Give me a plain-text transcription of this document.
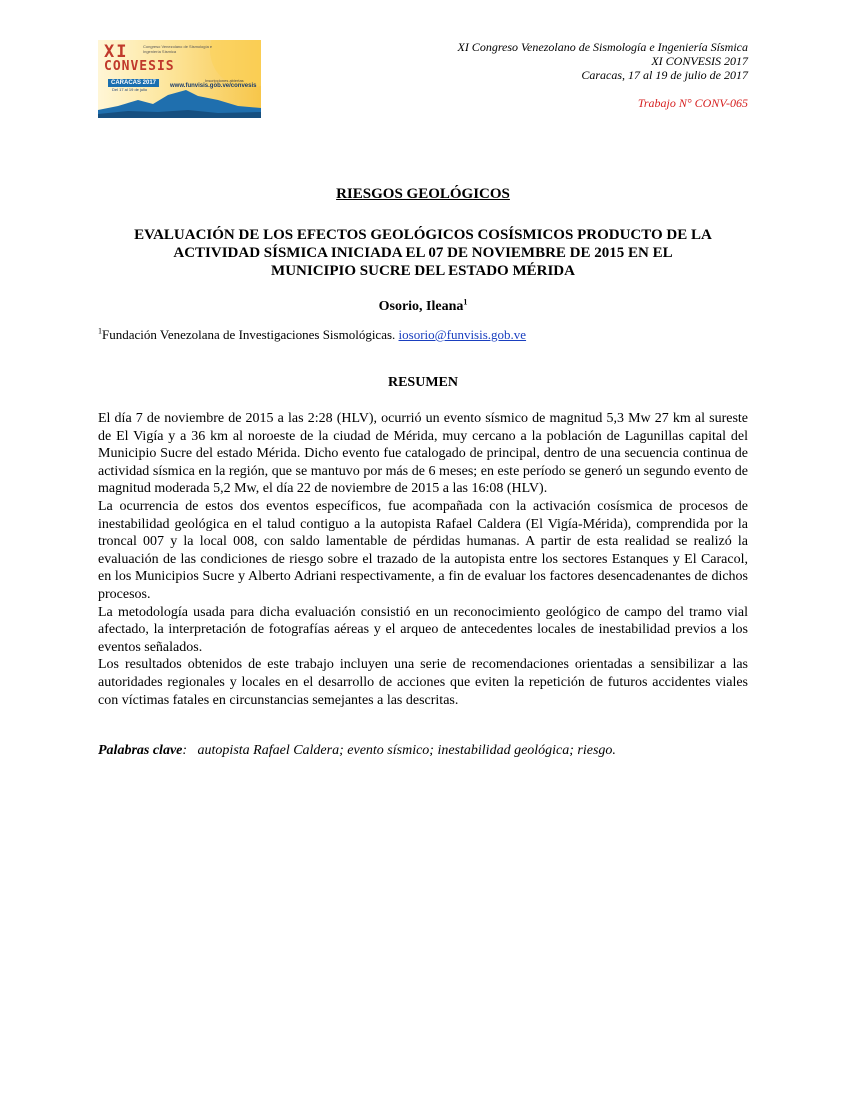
XI
CONVESIS
Congreso Venezolano de Sismología e Ingeniería Sísmica
CARACAS 2017
Del 17 al 19 de julio
Inscripciones abiertas
www.funvisis.gob.ve/convesis
XI Congreso Venezolano de Sismología e Ingeniería Sísmica
XI CONVESIS 2017
Caracas, 17 al 19 de julio de 2017
Trabajo N° CONV-065
RIESGOS GEOLÓGICOS
EVALUACIÓN DE LOS EFECTOS GEOLÓGICOS COSÍSMICOS PRODUCTO DE LA
ACTIVIDAD SÍSMICA INICIADA EL 07 DE NOVIEMBRE DE 2015 EN EL
MUNICIPIO SUCRE DEL ESTADO MÉRIDA
Osorio, Ileana$^1$
$^1$Fundación Venezolana de Investigaciones Sismológicas. iosorio@funvisis.gob.ve
RESUMEN

El día 7 de noviembre de 2015 a las 2:28 (HLV), ocurrió un evento sísmico de magnitud 5,3 Mw 27 km al sureste de El Vigía y a 36 km al noroeste de la ciudad de Mérida, muy cercano a la población de Lagunillas capital del Municipio Sucre del estado Mérida. Dicho evento fue catalogado de principal, dentro de una secuencia continua de actividad sísmica en la región, que se mantuvo por más de 6 meses; en este período se generó un segundo evento de magnitud moderada 5,2 Mw, el día 22 de noviembre de 2015 a las 16:08 (HLV).

La ocurrencia de estos dos eventos específicos, fue acompañada con la activación cosísmica de procesos de inestabilidad geológica en el talud contiguo a la autopista Rafael Caldera (El Vigía-Mérida), comprendida por la troncal 007 y la local 008, con saldo lamentable de pérdidas humanas. A partir de esta realidad se realizó la evaluación de las condiciones de riesgo sobre el trazado de la autopista entre los sectores Estanques y El Caracol, en los Municipios Sucre y Alberto Adriani respectivamente, a fin de evaluar los factores desencadenantes de dichos procesos.

La metodología usada para dicha evaluación consistió en un reconocimiento geológico de campo del tramo vial afectado, la interpretación de fotografías aéreas y el arqueo de antecedentes locales de inestabilidad previos a los eventos señalados.

Los resultados obtenidos de este trabajo incluyen una serie de recomendaciones orientadas a sensibilizar a las autoridades regionales y locales en el desarrollo de acciones que eviten la repetición de futuros accidentes viales con víctimas fatales en circunstancias semejantes a las descritas.

Palabras clave:   autopista Rafael Caldera; evento sísmico; inestabilidad geológica; riesgo.
